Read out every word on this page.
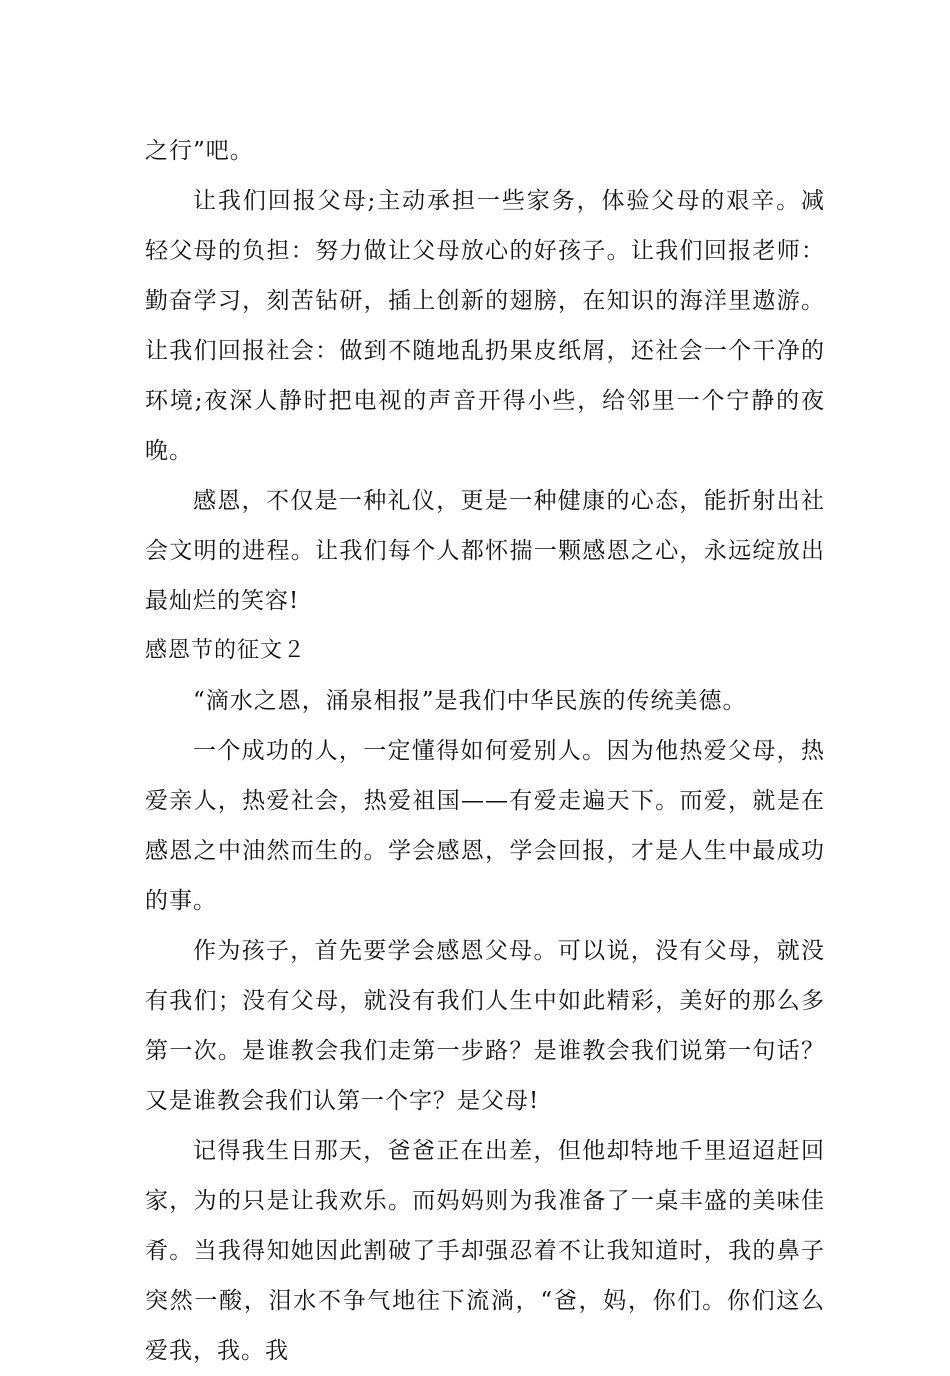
之行”吧。

让我们回报父母;主动承担一些家务，体验父母的艰辛。减轻父母的负担：努力做让父母放心的好孩子。让我们回报老师：勤奋学习，刻苦钻研，插上创新的翅膀，在知识的海洋里遨游。让我们回报社会：做到不随地乱扔果皮纸屑，还社会一个干净的环境;夜深人静时把电视的声音开得小些，给邻里一个宁静的夜晚。

感恩，不仅是一种礼仪，更是一种健康的心态，能折射出社会文明的进程。让我们每个人都怀揣一颗感恩之心，永远绽放出最灿烂的笑容!

感恩节的征文２

“滴水之恩，涌泉相报”是我们中华民族的传统美德。

一个成功的人，一定懂得如何爱别人。因为他热爱父母，热爱亲人，热爱社会，热爱祖国——有爱走遍天下。而爱，就是在感恩之中油然而生的。学会感恩，学会回报，才是人生中最成功的事。

作为孩子，首先要学会感恩父母。可以说，没有父母，就没有我们；没有父母，就没有我们人生中如此精彩，美好的那么多第一次。是谁教会我们走第一步路？是谁教会我们说第一句话？又是谁教会我们认第一个字？是父母!

记得我生日那天，爸爸正在出差，但他却特地千里迢迢赶回家，为的只是让我欢乐。而妈妈则为我准备了一桌丰盛的美味佳肴。当我得知她因此割破了手却强忍着不让我知道时，我的鼻子突然一酸，泪水不争气地往下流淌，“爸，妈，你们。你们这么爱我，我。我
